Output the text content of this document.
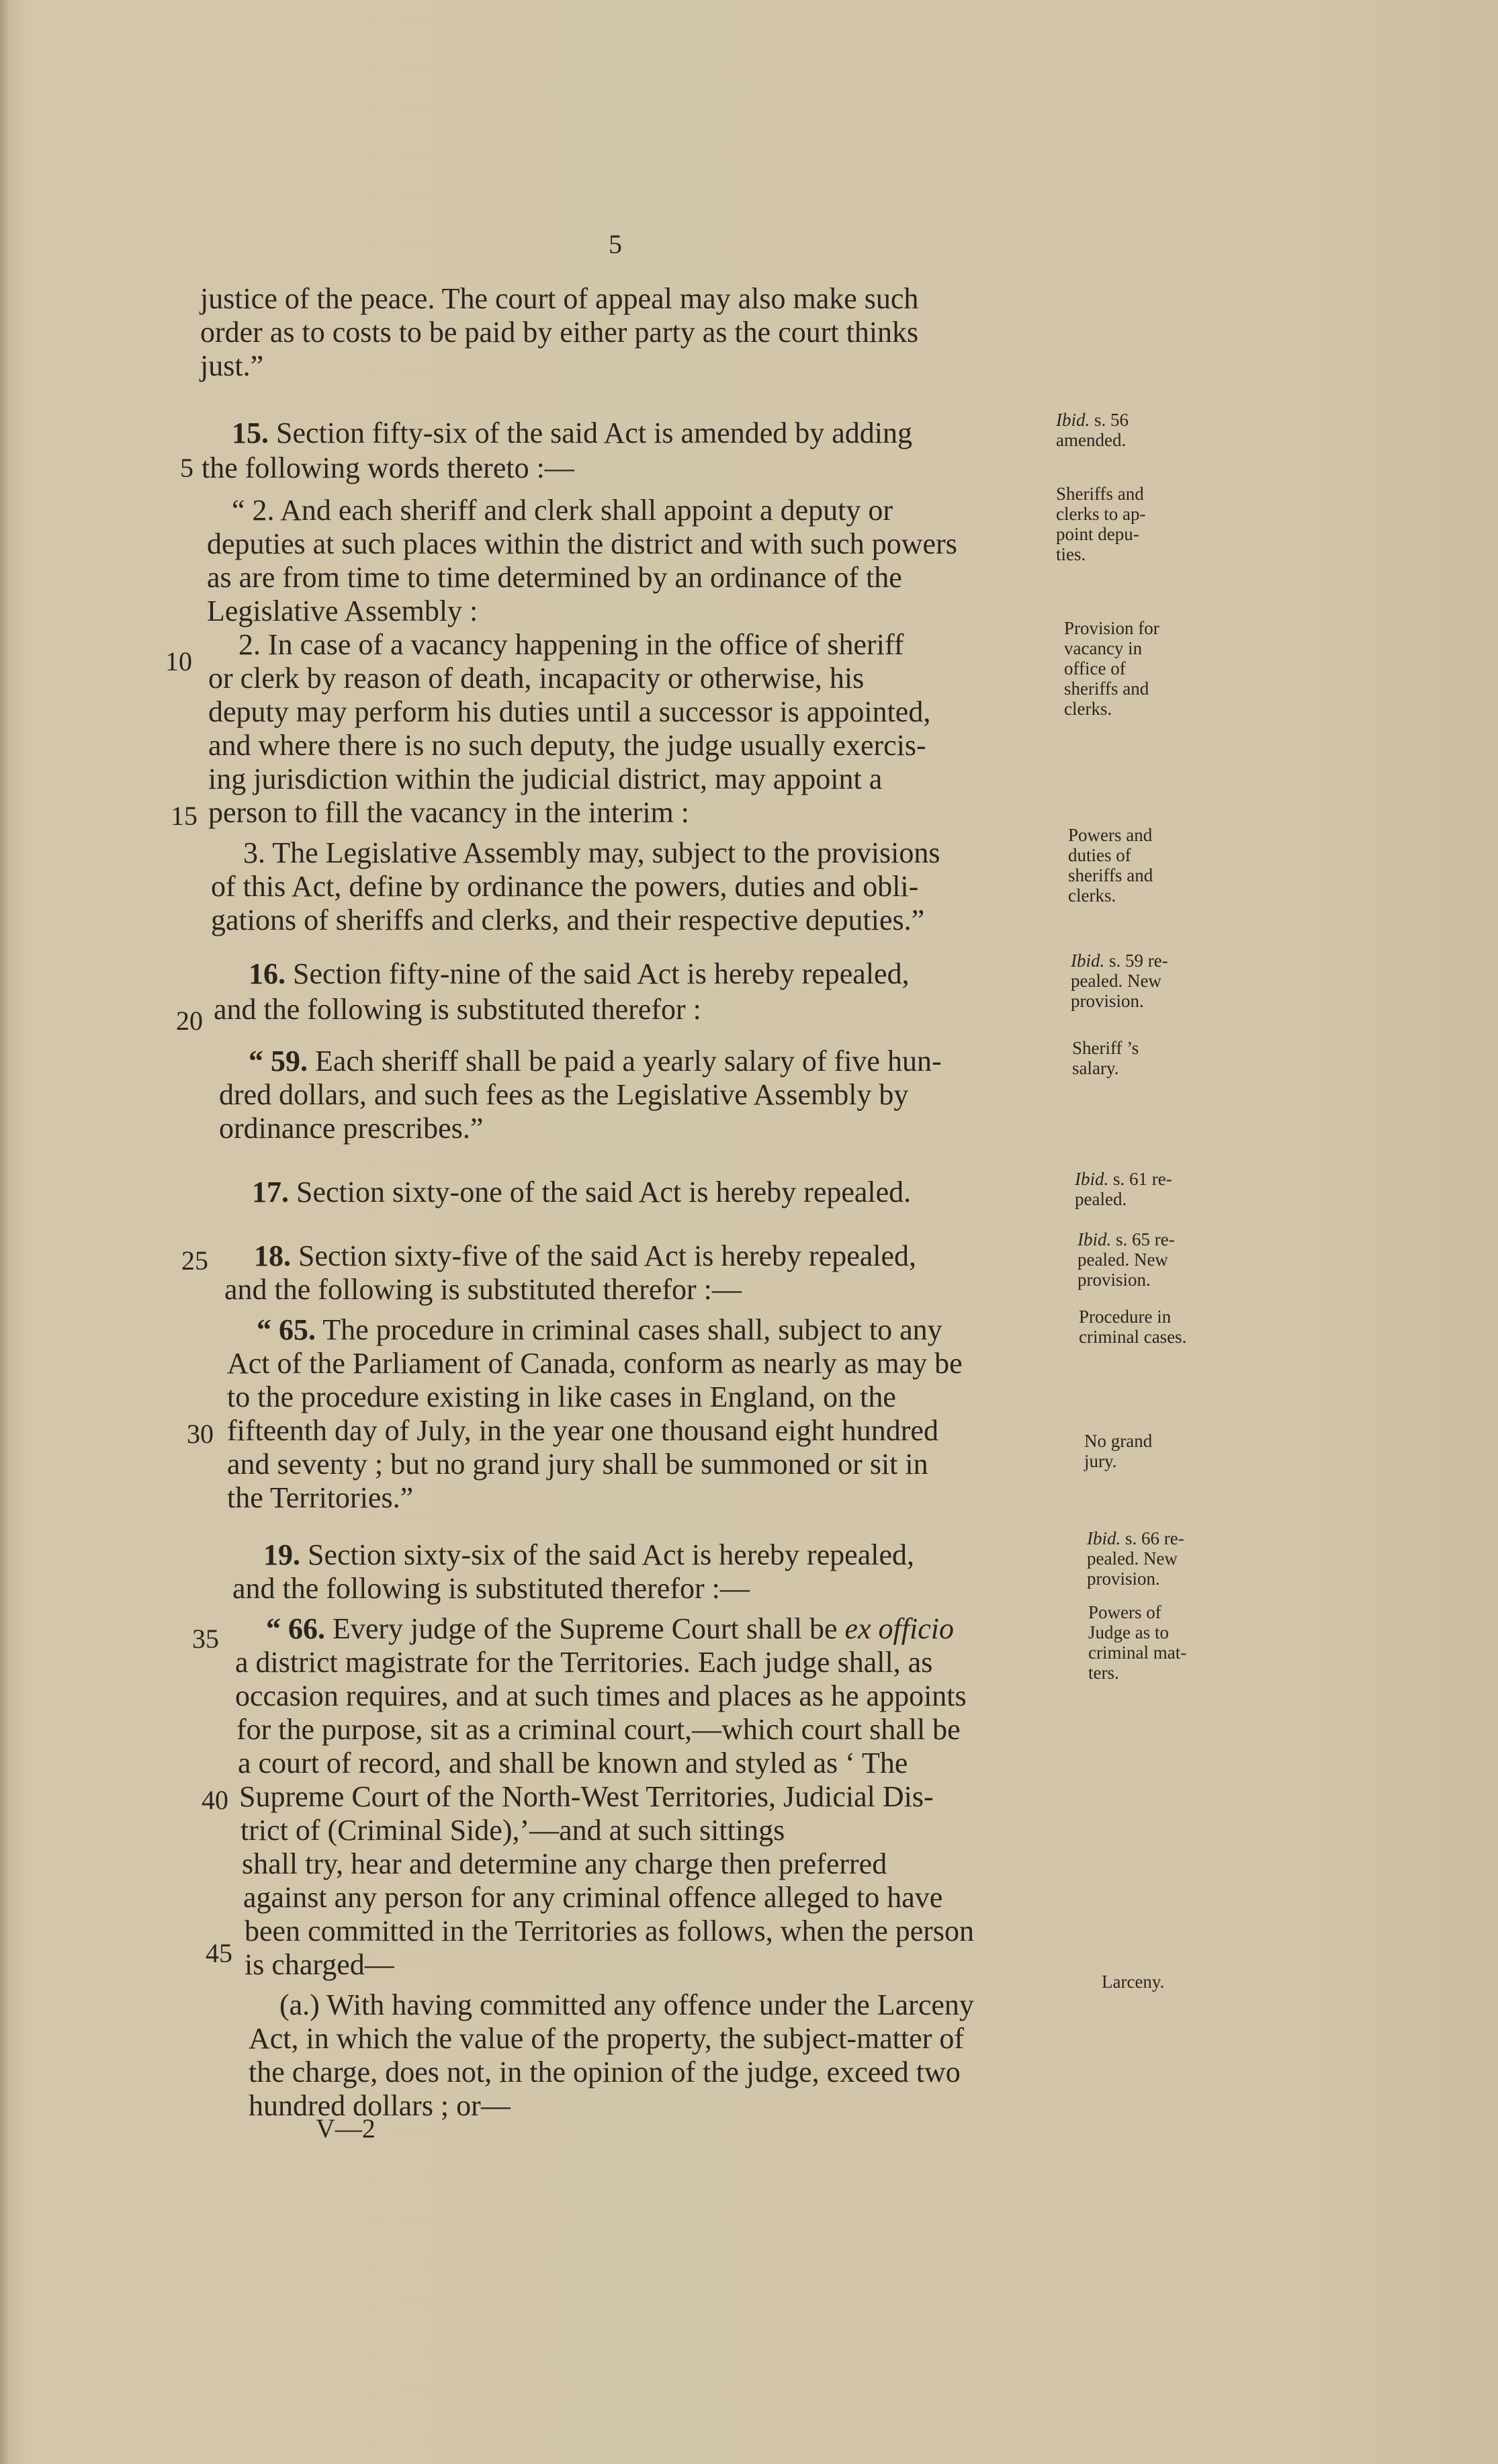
5
justice of the peace. The court of appeal may also make such
order as to costs to be paid by either party as the court thinks
just.”
15. Section fifty-six of the said Act is amended by adding
the following words thereto :—
“ 2. And each sheriff and clerk shall appoint a deputy or
deputies at such places within the district and with such powers
as are from time to time determined by an ordinance of the
Legislative Assembly :
2. In case of a vacancy happening in the office of sheriff
or clerk by reason of death, incapacity or otherwise, his
deputy may perform his duties until a successor is appointed,
and where there is no such deputy, the judge usually exercis-
ing jurisdiction within the judicial district, may appoint a
person to fill the vacancy in the interim :
3. The Legislative Assembly may, subject to the provisions
of this Act, define by ordinance the powers, duties and obli-
gations of sheriffs and clerks, and their respective deputies.”
16. Section fifty-nine of the said Act is hereby repealed,
and the following is substituted therefor :
“ 59. Each sheriff shall be paid a yearly salary of five hun-
dred dollars, and such fees as the Legislative Assembly by
ordinance prescribes.”
17. Section sixty-one of the said Act is hereby repealed.
18. Section sixty-five of the said Act is hereby repealed,
and the following is substituted therefor :—
“ 65. The procedure in criminal cases shall, subject to any
Act of the Parliament of Canada, conform as nearly as may be
to the procedure existing in like cases in England, on the
fifteenth day of July, in the year one thousand eight hundred
and seventy ; but no grand jury shall be summoned or sit in
the Territories.”
19. Section sixty-six of the said Act is hereby repealed,
and the following is substituted therefor :—
“ 66. Every judge of the Supreme Court shall be ex officio
a district magistrate for the Territories. Each judge shall, as
occasion requires, and at such times and places as he appoints
for the purpose, sit as a criminal court,—which court shall be
a court of record, and shall be known and styled as ‘ The
Supreme Court of the North-West Territories, Judicial Dis-
trict of (Criminal Side),’—and at such sittings
shall try, hear and determine any charge then preferred
against any person for any criminal offence alleged to have
been committed in the Territories as follows, when the person
is charged—
(a.) With having committed any offence under the Larceny
Act, in which the value of the property, the subject-matter of
the charge, does not, in the opinion of the judge, exceed two
hundred dollars ; or—
5
10
15
20
25
30
35
40
45
Ibid. s. 56
amended.
Sheriffs and
clerks to ap-
point depu-
ties.
Provision for
vacancy in
office of
sheriffs and
clerks.
Powers and
duties of
sheriffs and
clerks.
Ibid. s. 59 re-
pealed. New
provision.
Sheriff ’s
salary.
Ibid. s. 61 re-
pealed.
Ibid. s. 65 re-
pealed. New
provision.
Procedure in
criminal cases.
No grand
jury.
Ibid. s. 66 re-
pealed. New
provision.
Powers of
Judge as to
criminal mat-
ters.
Larceny.
V—2
